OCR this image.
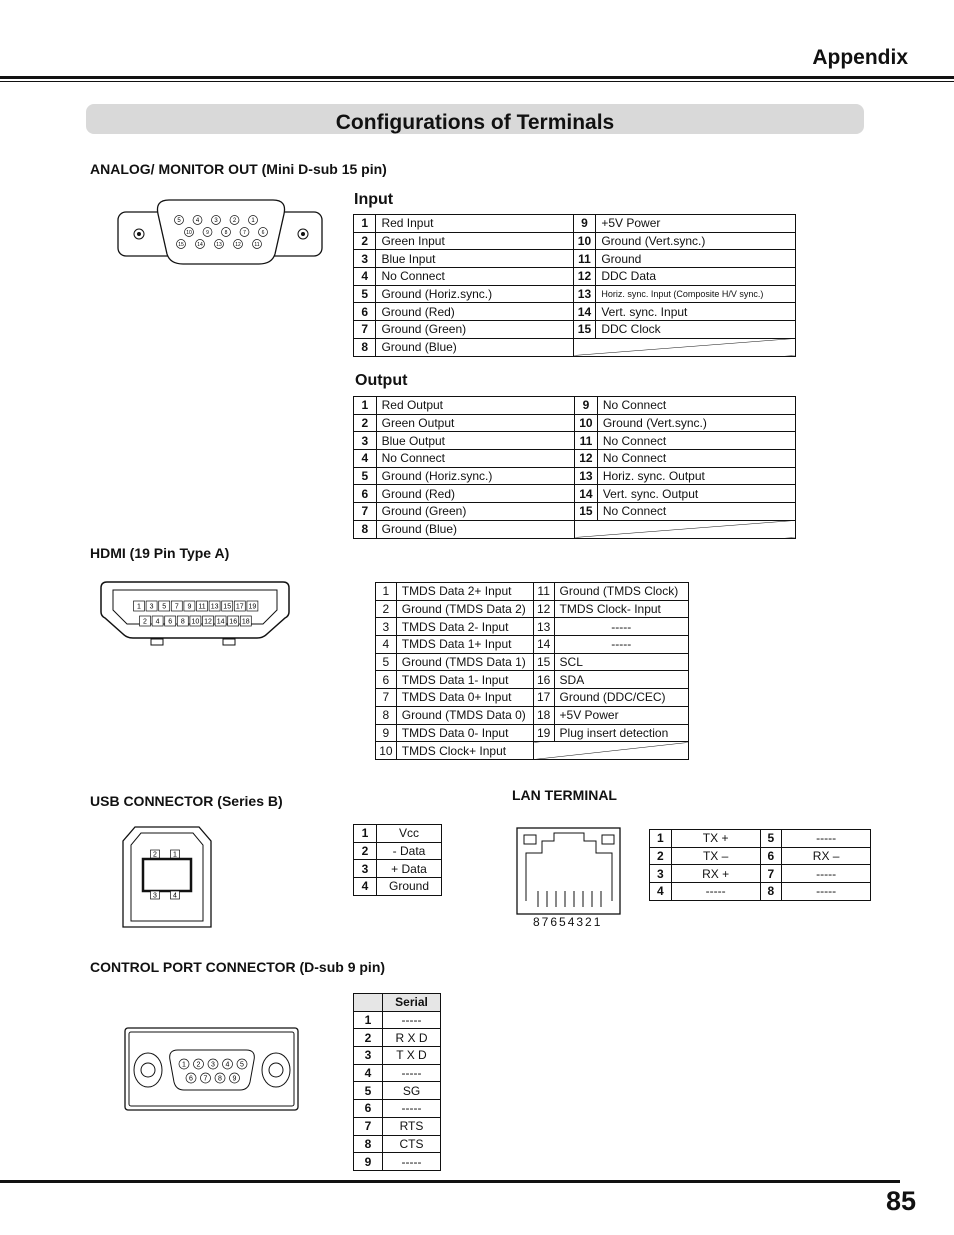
Appendix
Configurations of Terminals
ANALOG/ MONITOR OUT (Mini D-sub 15 pin)
Input
Output
5	4	3	2	1
10	9	8	7	6
15	14	13	12	11
1	Red Input	9	+5V Power
2	Green Input	10	Ground (Vert.sync.)
3	Blue Input	11	Ground
4	No Connect	12	DDC Data
5	Ground (Horiz.sync.)	13	Horiz. sync. Input (Composite H/V sync.)
6	Ground (Red)	14	Vert. sync. Input
7	Ground (Green)	15	DDC Clock
8	Ground (Blue)		
1	Red Output	9	No Connect
2	Green Output	10	Ground (Vert.sync.)
3	Blue Output	11	No Connect
4	No Connect	12	No Connect
5	Ground (Horiz.sync.)	13	Horiz. sync. Output
6	Ground (Red)	14	Vert. sync. Output
7	Ground (Green)	15	No Connect
8	Ground (Blue)		
HDMI (19 Pin Type A)
1 3 5 7 9 11 13 15 17 19
2 4 6 8 10 12 14 16 18
1	TMDS Data 2+ Input	11	Ground (TMDS Clock)
2	Ground (TMDS Data 2)	12	TMDS Clock- Input
3	TMDS Data 2- Input	13	-----
4	TMDS Data 1+ Input	14	-----
5	Ground (TMDS Data 1)	15	SCL
6	TMDS Data 1- Input	16	SDA
7	TMDS Data 0+ Input	17	Ground (DDC/CEC)
8	Ground (TMDS Data 0)	18	+5V Power
9	TMDS Data 0- Input	19	Plug insert detection
10	TMDS Clock+ Input		
USB CONNECTOR (Series B)
2 1
3 4
1	Vcc
2	- Data
3	+ Data
4	Ground
LAN TERMINAL
87654321
1	TX +	5	-----
2	TX –	6	RX –
3	RX +	7	-----
4	-----	8	-----
CONTROL PORT CONNECTOR (D-sub 9 pin)
1 2 3 4 5
6 7 8 9
	Serial
1	-----
2	R X D
3	T X D
4	-----
5	SG
6	-----
7	RTS
8	CTS
9	-----
85
